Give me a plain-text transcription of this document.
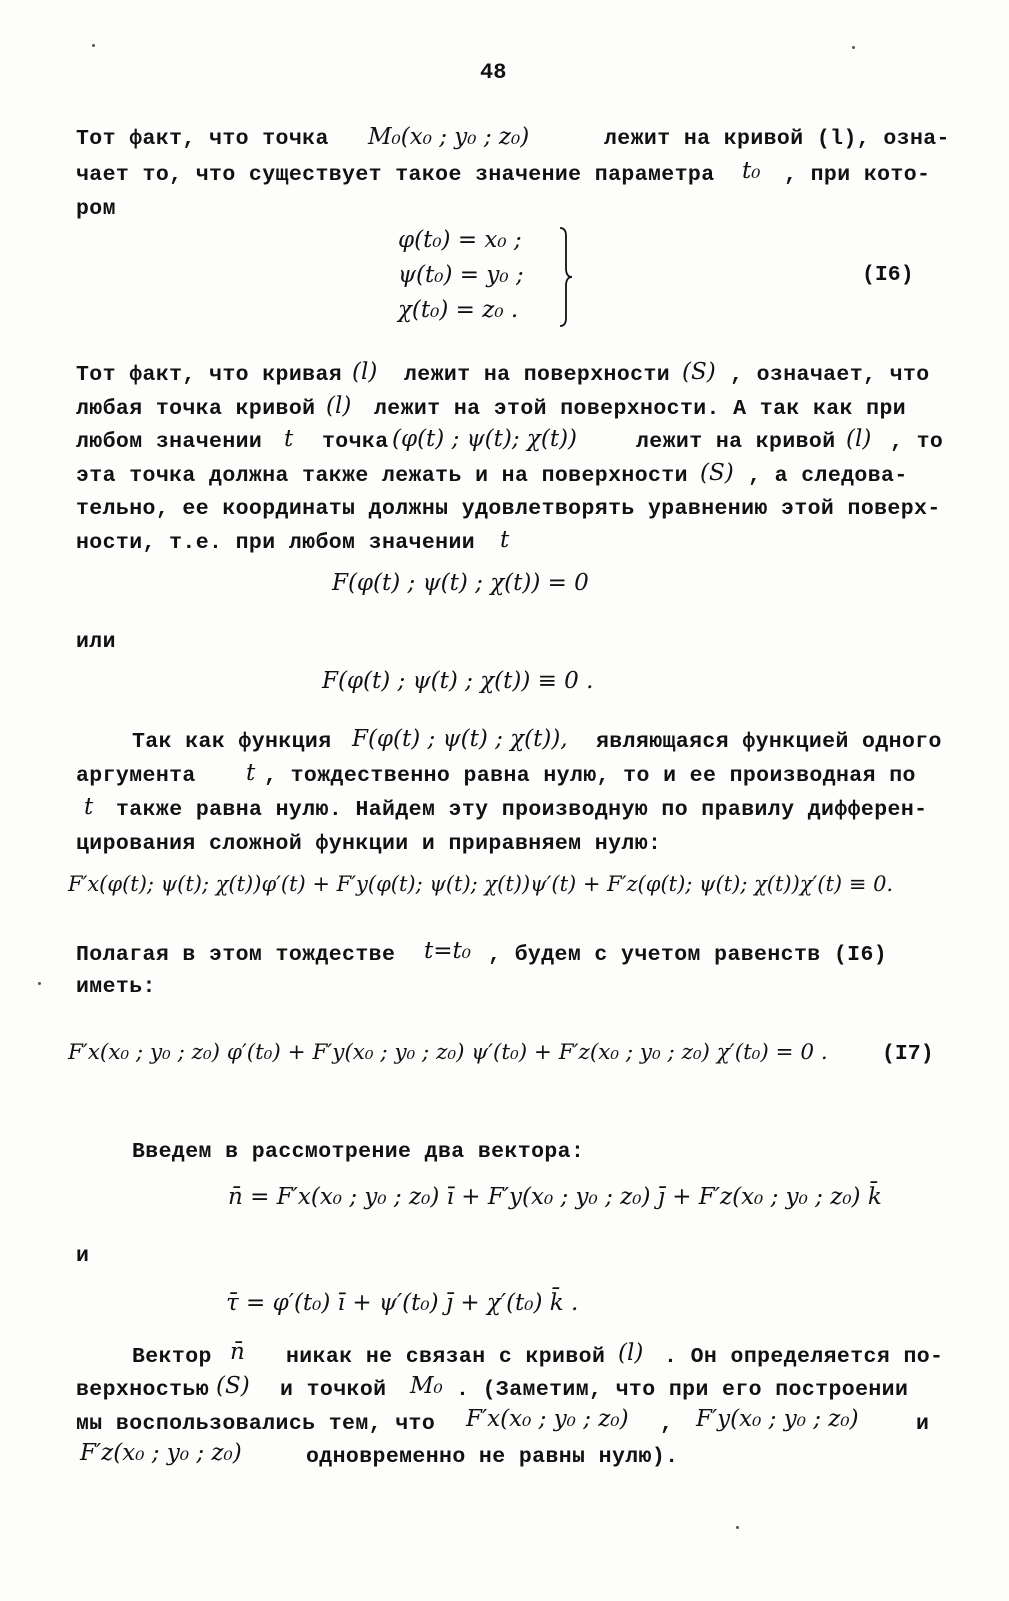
48
Тот факт, что точка M₀(x₀ ; y₀ ; z₀)	лежит на кривой (l), озна-
чает то, что существует такое значение параметра t₀ , при кото-
ром
φ(t₀) = x₀ ;
ψ(t₀) = y₀ ;
χ(t₀) = z₀ .
(I6)
Тот факт, что кривая (l) лежит на поверхности (S) , означает, что
любая точка кривой (l) лежит на этой поверхности. А так как при
любом значении t точка (φ(t) ; ψ(t); χ(t))	лежит на кривой (l) , то
эта точка должна также лежать и на поверхности (S) , а следова-
тельно, ее координаты должны удовлетворять уравнению этой поверх-
ности, т.е. при любом значении t
F(φ(t) ; ψ(t) ; χ(t)) = 0
или
F(φ(t) ; ψ(t) ; χ(t)) ≡ 0 .
Так как функция F(φ(t) ; ψ(t) ; χ(t)), являющаяся функцией одного
аргумента t , тождественно равна нулю, то и ее производная по
t также равна нулю. Найдем эту производную по правилу дифферен-
цирования сложной функции и приравняем нулю:
F′x(φ(t); ψ(t); χ(t))φ′(t) + F′y(φ(t); ψ(t); χ(t))ψ′(t) + F′z(φ(t); ψ(t); χ(t))χ′(t) ≡ 0.
Полагая в этом тождестве t=t₀ , будем с учетом равенств (I6)
иметь:
F′x(x₀ ; y₀ ; z₀) φ′(t₀) + F′y(x₀ ; y₀ ; z₀) ψ′(t₀) + F′z(x₀ ; y₀ ; z₀) χ′(t₀) = 0 .	(I7)
Введем в рассмотрение два вектора:
n̄ = F′x(x₀ ; y₀ ; z₀) ī + F′y(x₀ ; y₀ ; z₀) j̄ + F′z(x₀ ; y₀ ; z₀) k̄
и
τ̄ = φ′(t₀) ī + ψ′(t₀) j̄ + χ′(t₀) k̄ .
Вектор n̄ никак не связан с кривой (l) . Он определяется по-
верхностью (S) и точкой M₀ . (Заметим, что при его построении
мы воспользовались тем, что F′x(x₀ ; y₀ ; z₀) , F′y(x₀ ; y₀ ; z₀)	и
F′z(x₀ ; y₀ ; z₀)	одновременно не равны нулю).
